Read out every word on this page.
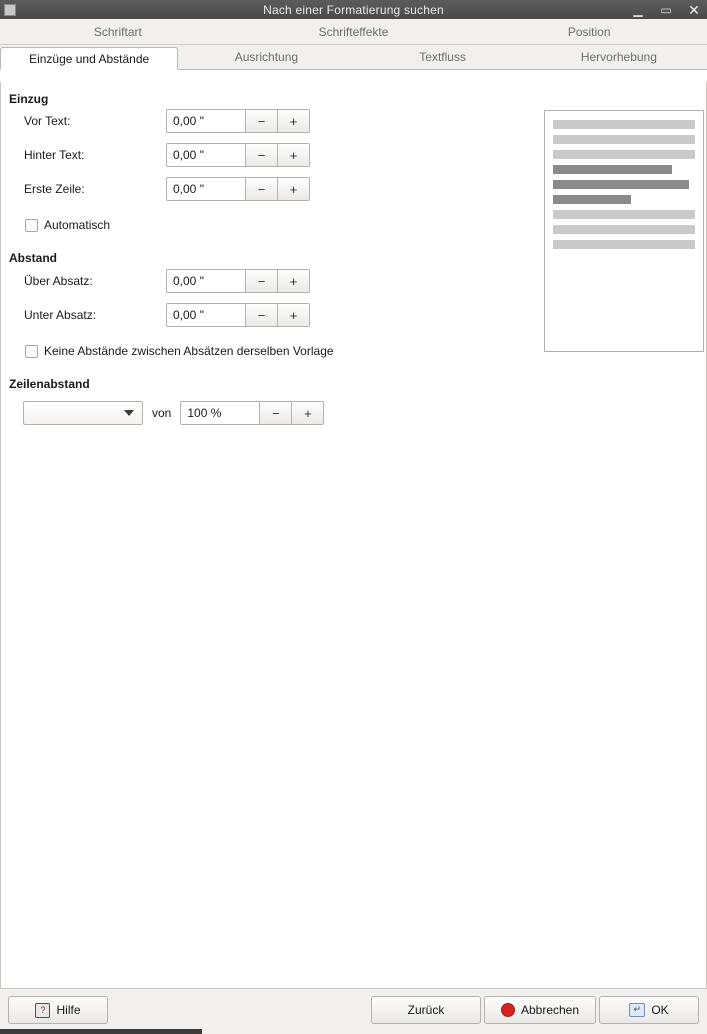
Nach einer Formatierung suchen	▁ ▭ ✕
Schriftart	Schrifteffekte	Position
Einzüge und Abstände	Ausrichtung	Textfluss	Hervorhebung
Einzug
Vor Text:
0,00 "	−	+
Hinter Text:
0,00 "	−	+
Erste Zeile:
0,00 "	−	+
Automatisch
Abstand
Über Absatz:
0,00 "	−	+
Unter Absatz:
0,00 "	−	+
Keine Abstände zwischen Absätzen derselben Vorlage
Zeilenabstand
von
100 %	−	+
? Hilfe	Zurück	Abbrechen	↵ OK
